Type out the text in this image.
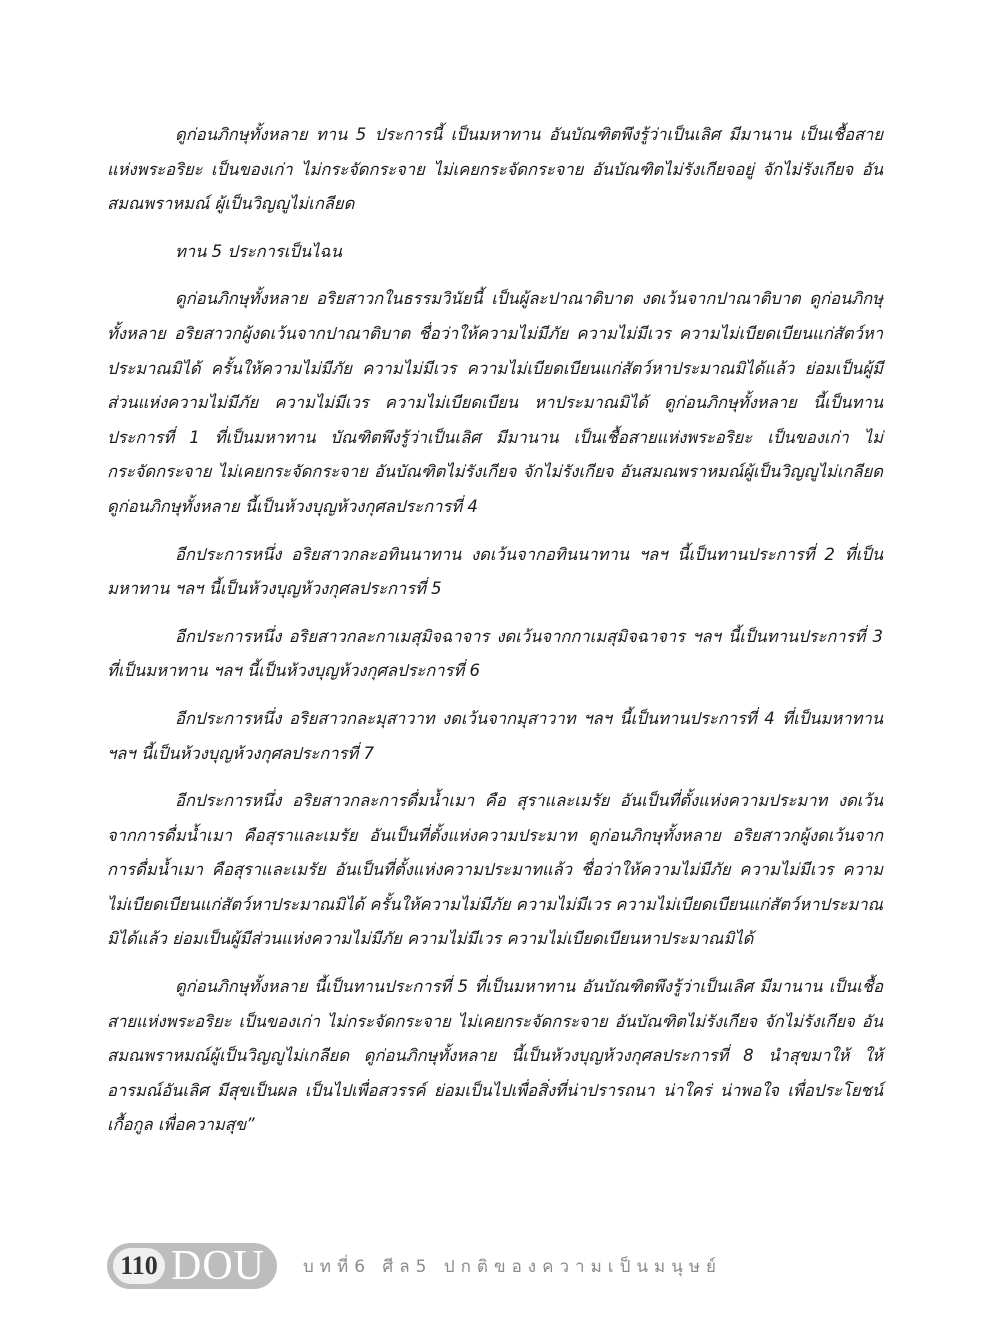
ดูก่อนภิกษุทั้งหลาย ทาน 5 ประการนี้ เป็นมหาทาน อันบัณฑิตพึงรู้ว่าเป็นเลิศ มีมานาน เป็นเชื้อสายแห่งพระอริยะ เป็นของเก่า ไม่กระจัดกระจาย ไม่เคยกระจัดกระจาย อันบัณฑิตไม่รังเกียจอยู่ จักไม่รังเกียจ อันสมณพราหมณ์ ผู้เป็นวิญญูไม่เกลียด

ทาน 5 ประการเป็นไฉน

ดูก่อนภิกษุทั้งหลาย อริยสาวกในธรรมวินัยนี้ เป็นผู้ละปาณาติบาต งดเว้นจากปาณาติบาต ดูก่อนภิกษุทั้งหลาย อริยสาวกผู้งดเว้นจากปาณาติบาต ชื่อว่าให้ความไม่มีภัย ความไม่มีเวร ความไม่เบียดเบียนแก่สัตว์หาประมาณมิได้ ครั้นให้ความไม่มีภัย ความไม่มีเวร ความไม่เบียดเบียนแก่สัตว์หาประมาณมิได้แล้ว ย่อมเป็นผู้มีส่วนแห่งความไม่มีภัย ความไม่มีเวร ความไม่เบียดเบียน หาประมาณมิได้ ดูก่อนภิกษุทั้งหลาย นี้เป็นทานประการที่ 1 ที่เป็นมหาทาน บัณฑิตพึงรู้ว่าเป็นเลิศ มีมานาน เป็นเชื้อสายแห่งพระอริยะ เป็นของเก่า ไม่กระจัดกระจาย ไม่เคยกระจัดกระจาย อันบัณฑิตไม่รังเกียจ จักไม่รังเกียจ อันสมณพราหมณ์ผู้เป็นวิญญูไม่เกลียด ดูก่อนภิกษุทั้งหลาย นี้เป็นห้วงบุญห้วงกุศลประการที่ 4

อีกประการหนึ่ง อริยสาวกละอทินนาทาน งดเว้นจากอทินนาทาน ฯลฯ นี้เป็นทานประการที่ 2 ที่เป็นมหาทาน ฯลฯ นี้เป็นห้วงบุญห้วงกุศลประการที่ 5

อีกประการหนึ่ง อริยสาวกละกาเมสุมิจฉาจาร งดเว้นจากกาเมสุมิจฉาจาร ฯลฯ นี้เป็นทานประการที่ 3 ที่เป็นมหาทาน ฯลฯ นี้เป็นห้วงบุญห้วงกุศลประการที่ 6

อีกประการหนึ่ง อริยสาวกละมุสาวาท งดเว้นจากมุสาวาท ฯลฯ นี้เป็นทานประการที่ 4 ที่เป็นมหาทาน ฯลฯ นี้เป็นห้วงบุญห้วงกุศลประการที่ 7

อีกประการหนึ่ง อริยสาวกละการดื่มน้ำเมา คือ สุราและเมรัย อันเป็นที่ตั้งแห่งความประมาท งดเว้นจากการดื่มน้ำเมา คือสุราและเมรัย อันเป็นที่ตั้งแห่งความประมาท ดูก่อนภิกษุทั้งหลาย อริยสาวกผู้งดเว้นจากการดื่มน้ำเมา คือสุราและเมรัย อันเป็นที่ตั้งแห่งความประมาทแล้ว ชื่อว่าให้ความไม่มีภัย ความไม่มีเวร ความไม่เบียดเบียนแก่สัตว์หาประมาณมิได้ ครั้นให้ความไม่มีภัย ความไม่มีเวร ความไม่เบียดเบียนแก่สัตว์หาประมาณมิได้แล้ว ย่อมเป็นผู้มีส่วนแห่งความไม่มีภัย ความไม่มีเวร ความไม่เบียดเบียนหาประมาณมิได้

ดูก่อนภิกษุทั้งหลาย นี้เป็นทานประการที่ 5 ที่เป็นมหาทาน อันบัณฑิตพึงรู้ว่าเป็นเลิศ มีมานาน เป็นเชื้อสายแห่งพระอริยะ เป็นของเก่า ไม่กระจัดกระจาย ไม่เคยกระจัดกระจาย อันบัณฑิตไม่รังเกียจ จักไม่รังเกียจ อันสมณพราหมณ์ผู้เป็นวิญญูไม่เกลียด ดูก่อนภิกษุทั้งหลาย นี้เป็นห้วงบุญห้วงกุศลประการที่ 8 นำสุขมาให้ ให้อารมณ์อันเลิศ มีสุขเป็นผล เป็นไปเพื่อสวรรค์ ย่อมเป็นไปเพื่อสิ่งที่น่าปรารถนา น่าใคร่ น่าพอใจ เพื่อประโยชน์เกื้อกูล เพื่อความสุข”

110 DOU บทที่6 ศีล5 ปกติของความเป็นมนุษย์
